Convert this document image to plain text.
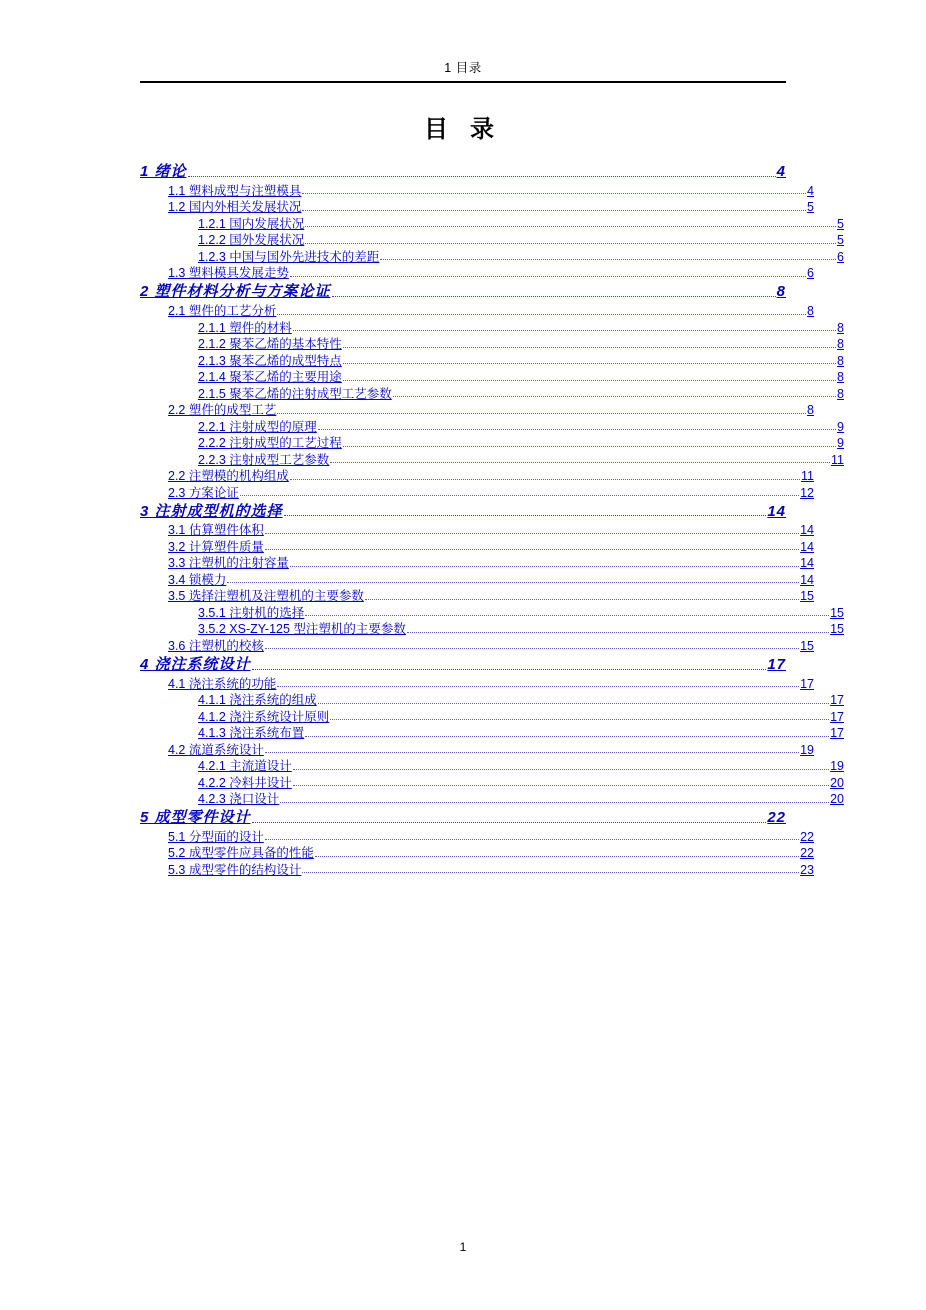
1 目录
目 录
1 绪论	4
1.1 塑料成型与注塑模具	4
1.2 国内外相关发展状况	5
1.2.1 国内发展状况	5
1.2.2 国外发展状况	5
1.2.3 中国与国外先进技术的差距	6
1.3 塑料模具发展走势	6
2 塑件材料分析与方案论证	8
2.1 塑件的工艺分析	8
2.1.1 塑件的材料	8
2.1.2 聚苯乙烯的基本特性	8
2.1.3 聚苯乙烯的成型特点	8
2.1.4 聚苯乙烯的主要用途	8
2.1.5 聚苯乙烯的注射成型工艺参数	8
2.2 塑件的成型工艺	8
2.2.1 注射成型的原理	9
2.2.2 注射成型的工艺过程	9
2.2.3 注射成型工艺参数	11
2.2 注塑模的机构组成	11
2.3 方案论证	12
3 注射成型机的选择	14
3.1 估算塑件体积	14
3.2 计算塑件质量	14
3.3 注塑机的注射容量	14
3.4 锁模力	14
3.5 选择注塑机及注塑机的主要参数	15
3.5.1 注射机的选择	15
3.5.2 XS-ZY-125 型注塑机的主要参数	15
3.6 注塑机的校核	15
4 浇注系统设计	17
4.1 浇注系统的功能	17
4.1.1 浇注系统的组成	17
4.1.2 浇注系统设计原则	17
4.1.3 浇注系统布置	17
4.2 流道系统设计	19
4.2.1 主流道设计	19
4.2.2 冷料井设计	20
4.2.3 浇口设计	20
5 成型零件设计	22
5.1 分型面的设计	22
5.2 成型零件应具备的性能	22
5.3 成型零件的结构设计	23
1
